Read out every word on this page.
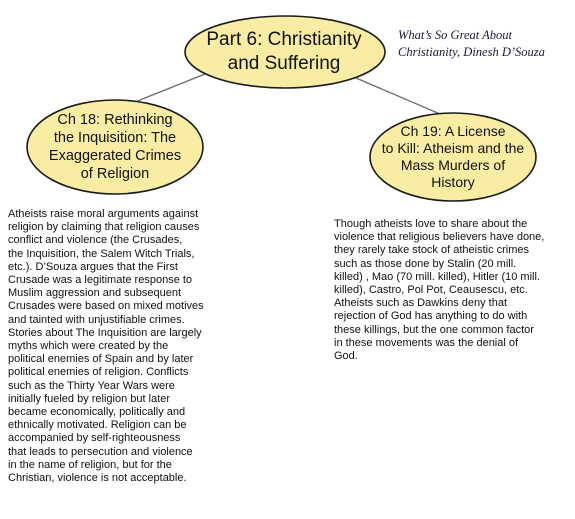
Part 6: Christianity
and Suffering
What’s So Great About
Christianity, Dinesh D’Souza
Ch 18: Rethinking
the Inquisition: The
Exaggerated Crimes
of Religion
Ch 19: A License
to Kill: Atheism and the
Mass Murders of
History
Atheists raise moral arguments against
religion by claiming that religion causes
conflict and violence (the Crusades,
the Inquisition, the Salem Witch Trials,
etc.). D’Souza argues that the First
Crusade was a legitimate response to
Muslim aggression and subsequent
Crusades were based on mixed motives
and tainted with unjustifiable crimes.
Stories about The Inquisition are largely
myths which were created by the
political enemies of Spain and by later
political enemies of religion. Conflicts
such as the Thirty Year Wars were
initially fueled by religion but later
became economically, politically and
ethnically motivated. Religion can be
accompanied by self-righteousness
that leads to persecution and violence
in the name of religion, but for the
Christian, violence is not acceptable.
Though atheists love to share about the
violence that religious believers have done,
they rarely take stock of atheistic crimes
such as those done by Stalin (20 mill.
killed) , Mao (70 mill. killed), Hitler (10 mill.
killed), Castro, Pol Pot, Ceausescu, etc.
Atheists such as Dawkins deny that
rejection of God has anything to do with
these killings, but the one common factor
in these movements was the denial of
God.
